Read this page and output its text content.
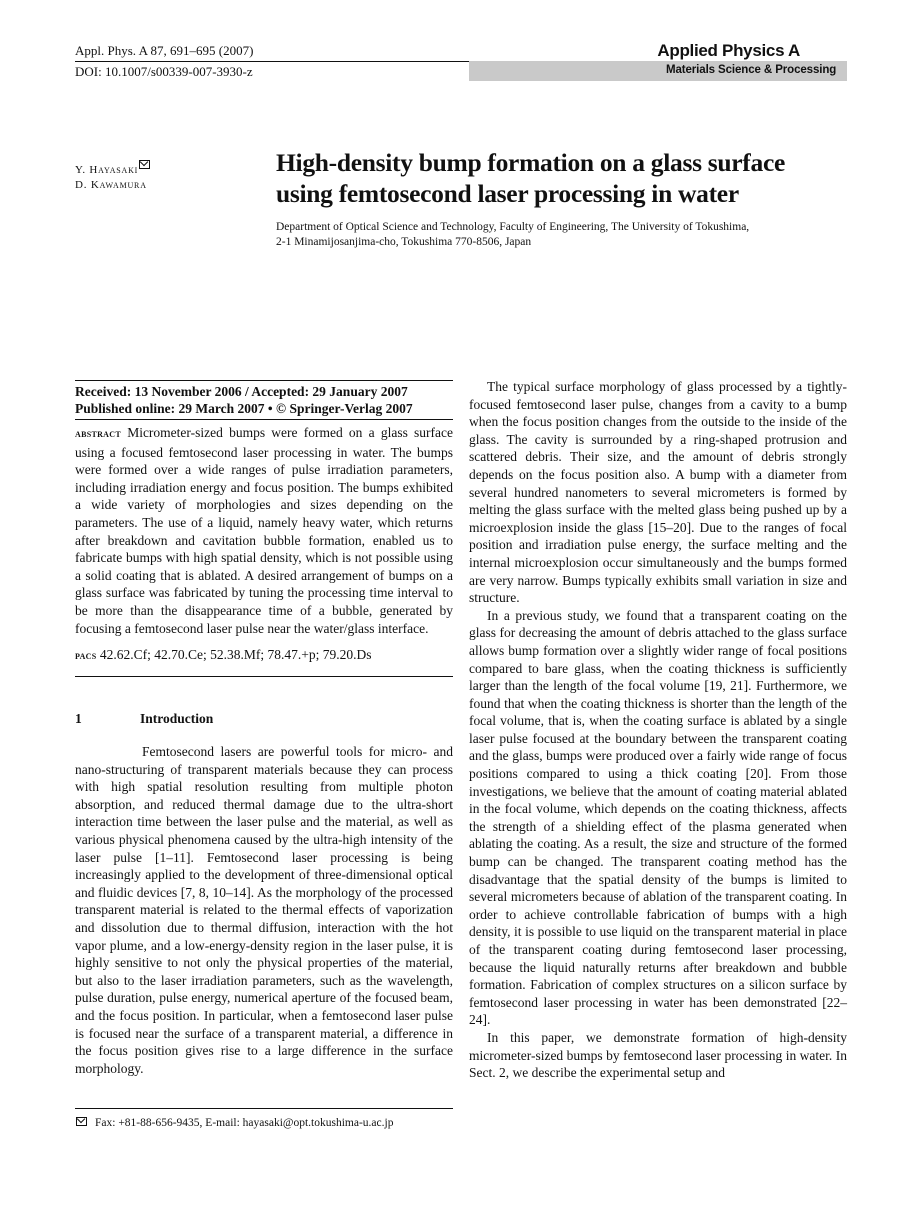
Appl. Phys. A 87, 691–695 (2007)
DOI: 10.1007/s00339-007-3930-z
Applied Physics A
Materials Science & Processing
Y. Hayasaki
D. Kawamura
High-density bump formation on a glass surface
using femtosecond laser processing in water
Department of Optical Science and Technology, Faculty of Engineering, The University of Tokushima,
2-1 Minamijosanjima-cho, Tokushima 770-8506, Japan
Received: 13 November 2006 / Accepted: 29 January 2007
Published online: 29 March 2007 • © Springer-Verlag 2007
abstract Micrometer-sized bumps were formed on a glass surface using a focused femtosecond laser processing in water. The bumps were formed over a wide ranges of pulse irradiation parameters, including irradiation energy and focus position. The bumps exhibited a wide variety of morphologies and sizes depending on the parameters. The use of a liquid, namely heavy water, which returns after breakdown and cavitation bubble formation, enabled us to fabricate bumps with high spatial density, which is not possible using a solid coating that is ablated. A desired arrangement of bumps on a glass surface was fabricated by tuning the processing time interval to be more than the disappearance time of a bubble, generated by focusing a femtosecond laser pulse near the water/glass interface.
pacs 42.62.Cf; 42.70.Ce; 52.38.Mf; 78.47.+p; 79.20.Ds
1	Introduction
Femtosecond lasers are powerful tools for micro- and nano-structuring of transparent materials because they can process with high spatial resolution resulting from multiple photon absorption, and reduced thermal damage due to the ultra-short interaction time between the laser pulse and the material, as well as various physical phenomena caused by the ultra-high intensity of the laser pulse [1–11]. Femtosecond laser processing is being increasingly applied to the development of three-dimensional optical and fluidic devices [7, 8, 10–14]. As the morphology of the processed transparent material is related to the thermal effects of vaporization and dissolution due to thermal diffusion, interaction with the hot vapor plume, and a low-energy-density region in the laser pulse, it is highly sensitive to not only the physical properties of the material, but also to the laser irradiation parameters, such as the wavelength, pulse duration, pulse energy, numerical aperture of the focused beam, and the focus position. In particular, when a femtosecond laser pulse is focused near the surface of a transparent material, a difference in the focus position gives rise to a large difference in the surface morphology.
Fax: +81-88-656-9435, E-mail: hayasaki@opt.tokushima-u.ac.jp
The typical surface morphology of glass processed by a tightly-focused femtosecond laser pulse, changes from a cavity to a bump when the focus position changes from the outside to the inside of the glass. The cavity is surrounded by a ring-shaped protrusion and scattered debris. Their size, and the amount of debris strongly depends on the focus position also. A bump with a diameter from several hundred nanometers to several micrometers is formed by melting the glass surface with the melted glass being pushed up by a microexplosion inside the glass [15–20]. Due to the ranges of focal position and irradiation pulse energy, the surface melting and the internal microexplosion occur simultaneously and the bumps formed are very narrow. Bumps typically exhibits small variation in size and structure.
In a previous study, we found that a transparent coating on the glass for decreasing the amount of debris attached to the glass surface allows bump formation over a slightly wider range of focal positions compared to bare glass, when the coating thickness is sufficiently larger than the length of the focal volume [19, 21]. Furthermore, we found that when the coating thickness is shorter than the length of the focal volume, that is, when the coating surface is ablated by a single laser pulse focused at the boundary between the transparent coating and the glass, bumps were produced over a fairly wide range of focus positions compared to using a thick coating [20]. From those investigations, we believe that the amount of coating material ablated in the focal volume, which depends on the coating thickness, affects the strength of a shielding effect of the plasma generated when ablating the coating. As a result, the size and structure of the formed bump can be changed. The transparent coating method has the disadvantage that the spatial density of the bumps is limited to several micrometers because of ablation of the transparent coating. In order to achieve controllable fabrication of bumps with a high density, it is possible to use liquid on the transparent material in place of the transparent coating during femtosecond laser processing, because the liquid naturally returns after breakdown and bubble formation. Fabrication of complex structures on a silicon surface by femtosecond laser processing in water has been demonstrated [22–24].
In this paper, we demonstrate formation of high-density micrometer-sized bumps by femtosecond laser processing in water. In Sect. 2, we describe the experimental setup and
